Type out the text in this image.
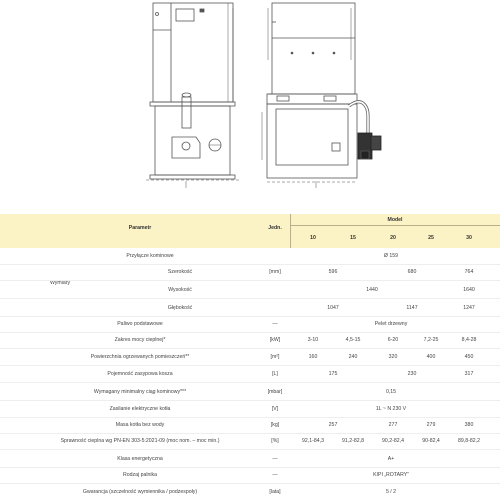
Parametr	Jedn.
Model
10	15	20	25	30
Wymiary
Przyłącze kominowe	Ø 159
Szerokość	[mm]	596	680	764
Wysokość	1440	1640
Głębokość	1047	1147	1247
Paliwo podstawowe	—	Pelet drzewny
Zakres mocy cieplnej*	[kW]	3-10	4,5-15	6-20	7,2-25	8,4-28
Powierzchnia ogrzewanych pomieszczeń**	[m²]	160	240	320	400	450
Pojemność zasypowa kosza	[L]	175	230	317
Wymagany minimalny ciąg kominowy***	[mbar]	0,15
Zasilanie elektryczne kotła	[V]	1L ~ N 230 V
Masa kotła bez wody	[kg]	257	277	279	380
Sprawność cieplna wg PN-EN 303-5:2021-09 (moc nom. – moc min.)	[%]	92,1-84,3	91,2-82,8	90,2-82,4	90-82,4	89,8-82,2
Klasa energetyczna	—	A+
Rodzaj palnika	—	KIPI „ROTARY”
Gwarancja (szczelność wymiennika / podzespoły)	[lata]	5 / 2
